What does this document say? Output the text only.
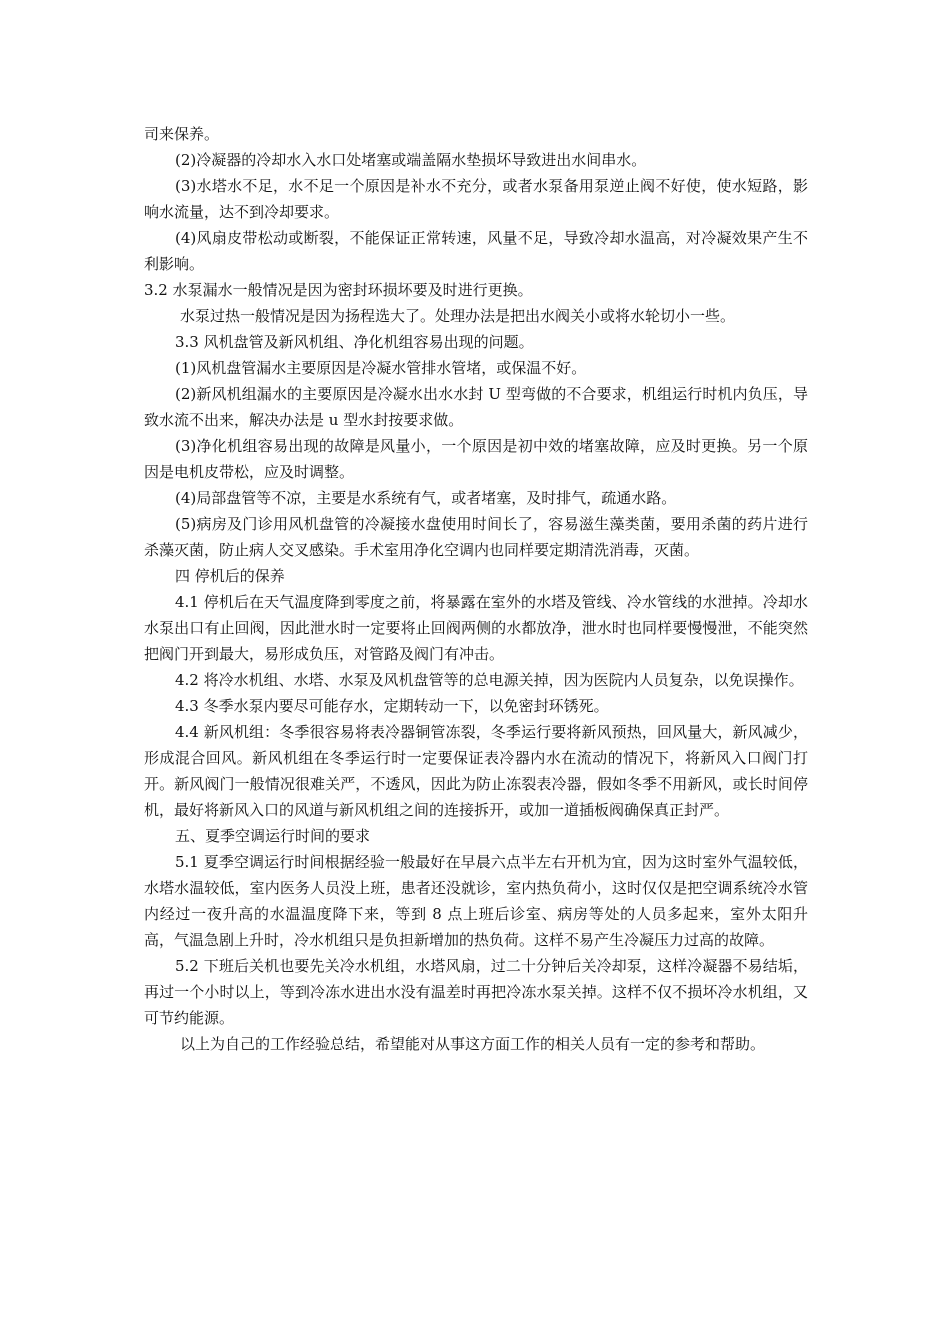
司来保养。

(2)冷凝器的冷却水入水口处堵塞或端盖隔水垫损坏导致进出水间串水。

(3)水塔水不足，水不足一个原因是补水不充分，或者水泵备用泵逆止阀不好使，使水短路，影响水流量，达不到冷却要求。

(4)风扇皮带松动或断裂，不能保证正常转速，风量不足，导致冷却水温高，对冷凝效果产生不利影响。

3.2 水泵漏水一般情况是因为密封环损坏要及时进行更换。

水泵过热一般情况是因为扬程选大了。处理办法是把出水阀关小或将水轮切小一些。

3.3 风机盘管及新风机组、净化机组容易出现的问题。

(1)风机盘管漏水主要原因是冷凝水管排水管堵，或保温不好。

(2)新风机组漏水的主要原因是冷凝水出水水封 U 型弯做的不合要求，机组运行时机内负压，导致水流不出来，解决办法是 u 型水封按要求做。

(3)净化机组容易出现的故障是风量小，一个原因是初中效的堵塞故障，应及时更换。另一个原因是电机皮带松，应及时调整。

(4)局部盘管等不凉，主要是水系统有气，或者堵塞，及时排气，疏通水路。

(5)病房及门诊用风机盘管的冷凝接水盘使用时间长了，容易滋生藻类菌，要用杀菌的药片进行杀藻灭菌，防止病人交叉感染。手术室用净化空调内也同样要定期清洗消毒，灭菌。

四 停机后的保养

4.1 停机后在天气温度降到零度之前，将暴露在室外的水塔及管线、冷水管线的水泄掉。冷却水水泵出口有止回阀，因此泄水时一定要将止回阀两侧的水都放净，泄水时也同样要慢慢泄，不能突然把阀门开到最大，易形成负压，对管路及阀门有冲击。

4.2 将冷水机组、水塔、水泵及风机盘管等的总电源关掉，因为医院内人员复杂，以免误操作。

4.3 冬季水泵内要尽可能存水，定期转动一下，以免密封环锈死。

4.4 新风机组：冬季很容易将表冷器铜管冻裂，冬季运行要将新风预热，回风量大，新风减少，形成混合回风。新风机组在冬季运行时一定要保证表冷器内水在流动的情况下，将新风入口阀门打开。新风阀门一般情况很难关严，不透风，因此为防止冻裂表冷器，假如冬季不用新风，或长时间停机，最好将新风入口的风道与新风机组之间的连接拆开，或加一道插板阀确保真正封严。

五、夏季空调运行时间的要求

5.1 夏季空调运行时间根据经验一般最好在早晨六点半左右开机为宜，因为这时室外气温较低，水塔水温较低，室内医务人员没上班，患者还没就诊，室内热负荷小，这时仅仅是把空调系统冷水管内经过一夜升高的水温温度降下来，等到 8 点上班后诊室、病房等处的人员多起来，室外太阳升高，气温急剧上升时，冷水机组只是负担新增加的热负荷。这样不易产生冷凝压力过高的故障。

5.2 下班后关机也要先关冷水机组，水塔风扇，过二十分钟后关冷却泵，这样冷凝器不易结垢，再过一个小时以上，等到冷冻水进出水没有温差时再把冷冻水泵关掉。这样不仅不损坏冷水机组，又可节约能源。

以上为自己的工作经验总结，希望能对从事这方面工作的相关人员有一定的参考和帮助。
